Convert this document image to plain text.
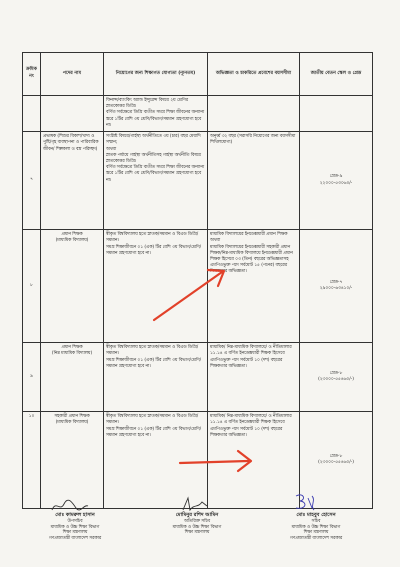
ক্রমিক নং	পদের নাম	নিয়োগের জন্য শিক্ষাগত যোগ্যতা (ন্যূনতম)	অভিজ্ঞতা ও চাকরিতে প্রবেশের বয়সসীমা	জাতীয় বেতন স্কেল ও গ্রেড
		ফিনান্স/ব্যাংকিং অ্যান্ড ইন্সুরেন্স বিষয়ে ২য় শ্রেণির স্নাতকোত্তর ডিগ্রি।
বর্ণিত সর্বক্ষেত্রে ডিগ্রি ব্যতীত সমগ্র শিক্ষা জীবনের অন্যান্য স্তরে ১টির বেশি ৩য় শ্রেণি/বিভাগ/সমমান গ্রহণযোগ্য হবে না।		
৭	প্রভাষক (শিশুর বিকাশ/খাদ্য ও পুষ্টি/গৃহ ব্যবস্থাপনা ও পারিবারিক জীবন/ শিল্পকলা ও বস্ত্র পরিচ্ছদ)	সংশ্লিষ্ট বিষয়ে/গার্হস্থ্য অর্থনীতিতে ৩য় (চার) বছর মেয়াদি সম্মান;
অথবা
স্নাতক পর্যায়ে গার্হস্থ্য অর্থনীতিসহ গার্হস্থ্য অর্থনীতি বিষয়ে স্নাতকোত্তর ডিগ্রি।
বর্ণিত সর্বক্ষেত্রে ডিগ্রি ব্যতীত সমগ্র শিক্ষা জীবনের অন্যান্য স্তরে ১টির বেশি ৩য় শ্রেণি/বিভাগ/সমমান গ্রহণযোগ্য হবে না।	অনূর্ধ্ব ৩২ বছর (সরাসরি নিয়োগের জন্য বয়সসীমা শিথিলযোগ্য)	গ্রেড-৯
২২০০০-৫৩০৬০/-
৮	প্রধান শিক্ষক
(মাধ্যমিক বিদ্যালয়)	স্বীকৃত বিশ্ববিদ্যালয় হতে স্নাতক/সমমান ও বিএড ডিগ্রি/সমমান।
সমগ্র শিক্ষাজীবনে ০১ (এক) টির বেশি ৩য় বিভাগ/শ্রেণি/সমমান গ্রহণযোগ্য হবে না।	মাধ্যমিক বিদ্যালয়ের ইনডেক্সধারী প্রধান শিক্ষক
অথবা
মাধ্যমিক বিদ্যালয়ের ইনডেক্সধারী সহকারী প্রধান শিক্ষক/নিম্ন-মাধ্যমিক বিদ্যালয়ে ইনডেক্সধারী প্রধান শিক্ষক হিসেবে ০৩ (তিন) বছরের অভিজ্ঞতাসহ এমপিওভুক্ত পদে সর্বমোট ১৫ (পনের) বছরের শিক্ষকতার অভিজ্ঞতা।	গ্রেড-৭
২৯০০০-৬৩৪১০/-
৯	প্রধান শিক্ষক
(নিম্ন মাধ্যমিক বিদ্যালয়)	স্বীকৃত বিশ্ববিদ্যালয় হতে স্নাতক/সমমান ও বিএড ডিগ্রি/সমমান।
সমগ্র শিক্ষাজীবনে ০১ (এক) টির বেশি ৩য় বিভাগ/শ্রেণি/সমমান গ্রহণযোগ্য হবে না।	মাধ্যমিক/ নিম্ন-মাধ্যমিক বিদ্যালয়ে/ ও নীতিমালার ১১.১৪ এ বর্ণিত ইনডেক্সধারী শিক্ষক হিসেবে এমপিওভুক্ত পদে সর্বমোট ১০ (দশ) বছরের শিক্ষকতার অভিজ্ঞতা।	গ্রেড-৮
(২৩০০০-৫৫৪৬০/-)
১০	সহকারী প্রধান শিক্ষক
(মাধ্যমিক বিদ্যালয়)	স্বীকৃত বিশ্ববিদ্যালয় হতে স্নাতক/সমমান ও বিএড ডিগ্রি/সমমান।
সমগ্র শিক্ষাজীবনে ০১ (এক) টির বেশি ৩য় বিভাগ/শ্রেণি/সমমান গ্রহণযোগ্য হবে না।	মাধ্যমিক/ নিম্ন-মাধ্যমিক বিদ্যালয়ে/ ও নীতিমালার ১১.১৪ এ বর্ণিত ইনডেক্সধারী শিক্ষক হিসেবে এমপিওভুক্ত পদে সর্বমোট ১০ (দশ) বছরের শিক্ষকতার অভিজ্ঞতা।	গ্রেড-৮
(২৩০০০-৫৫৪৬০/-)
মোঃ কামরুল হাসান
উপসচিব
মাধ্যমিক ও উচ্চ শিক্ষা বিভাগ
শিক্ষা মন্ত্রণালয়
গণপ্রজাতন্ত্রী বাংলাদেশ সরকার
মোমিনুর রশিদ আমিন
অতিরিক্ত সচিব
মাধ্যমিক ও উচ্চ শিক্ষা বিভাগ
শিক্ষা মন্ত্রণালয়
মোঃ মাহবুব হোসেন
সচিব
মাধ্যমিক ও উচ্চ শিক্ষা বিভাগ
শিক্ষা মন্ত্রণালয়
গণপ্রজাতন্ত্রী বাংলাদেশ সরকার
